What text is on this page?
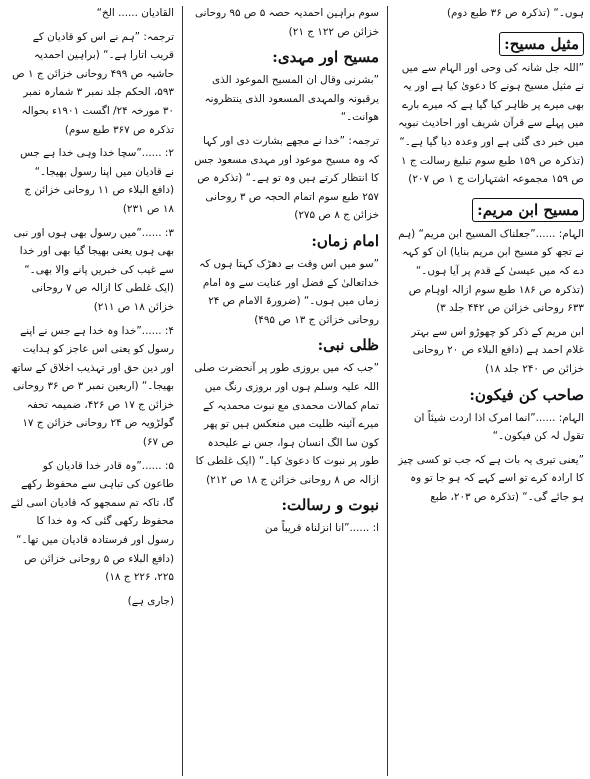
ہوں۔“ (تذکرہ ص ۳۶ طبع دوم)

مثیل مسیح:

”اللہ جل شانہ کی وحی اور الہام سے میں نے مثیل مسیح ہونے کا دعویٰ کیا ہے اور یہ بھی میرے پر ظاہر کیا گیا ہے کہ میرے بارے میں پہلے سے قرآن شریف اور احادیث نبویہ میں خبر دی گئی ہے اور وعدہ دیا گیا ہے۔“ (تذکرہ ص ۱۵۹ طبع سوم تبلیغ رسالت ج ۱ ص ۱۵۹ مجموعہ اشتہارات ج ۱ ص ۲۰۷)

مسیح ابن مریم:

الہام: ......”جعلناک المسیح ابن مریم“ (ہم نے تجھ کو مسیح ابن مریم بنایا) ان کو کہہ دے کہ میں عیسیٰ کے قدم پر آیا ہوں۔“ (تذکرہ ص ۱۸۶ طبع سوم ازالہ اوہام ص ۶۳۳ روحانی خزائن ص ۴۴۲ جلد ۳)

ابن مریم کے ذکر کو چھوڑو اس سے بہتر غلام احمد ہے (دافع البلاء ص ۲۰ روحانی خزائن ص ۲۴۰ جلد ۱۸)

صاحب کن فیکون:

الہام: ......”انما امرک اذا اردت شیئاً ان تقول لہ کن فیکون۔“

”یعنی تیری یہ بات ہے کہ جب تو کسی چیز کا ارادہ کرے تو اسے کہے کہ ہو جا تو وہ ہو جائے گی۔“ (تذکرہ ص ۲۰۳، طبع

سوم براہین احمدیہ حصہ ۵ ص ۹۵ روحانی خزائن ص ۱۲۲ ج ۲۱)

مسیح اور مہدی:

”بشرنی وقال ان المسیح الموعود الذی یرقبونہ والمہدی المسعود الذی ینتظرونہ ھوانت۔“

ترجمہ: ”خدا نے مجھے بشارت دی اور کہا کہ وہ مسیح موعود اور مہدی مسعود جس کا انتظار کرتے ہیں وہ تو ہے۔“ (تذکرہ ص ۲۵۷ طبع سوم اتمام الحجہ ص ۳ روحانی خزائن ج ۸ ص ۲۷۵)

امام زماں:

”سو میں اس وقت بے دھڑک کہتا ہوں کہ خداتعالیٰ کے فضل اور عنایت سے وہ امام زماں میں ہوں۔“ (ضرورۃ الامام ص ۲۴ روحانی خزائن ج ۱۳ ص ۴۹۵)

ظلی نبی:

”جب کہ میں بروزی طور پر آنحضرت صلی اللہ علیہ وسلم ہوں اور بروزی رنگ میں تمام کمالات محمدی مع نبوت محمدیہ کے میرے آئینہ ظلیت میں منعکس ہیں تو پھر کون سا الگ انسان ہوا، جس نے علیحدہ طور پر نبوت کا دعویٰ کیا۔“ (ایک غلطی کا ازالہ ص ۸ روحانی خزائن ج ۱۸ ص ۲۱۲)

نبوت و رسالت:

ا: ......”انا انزلناہ قریباً من

القادیان ...... الخ“

ترجمہ: ”ہم نے اس کو قادیان کے قریب اتارا ہے۔“ (براہین احمدیہ حاشیہ ص ۴۹۹ روحانی خزائن ج ۱ ص ۵۹۳، الحکم جلد نمبر ۳ شمارہ نمبر ۳۰ مورخہ ۲۴/ اگست ۱۹۰۱ء بحوالہ تذکرہ ص ۳۶۷ طبع سوم)

۲: ......”سچا خدا وہی خدا ہے جس نے قادیان میں اپنا رسول بھیجا۔“ (دافع البلاء ص ۱۱ روحانی خزائن ج ۱۸ ص ۲۳۱)

۳: ......”میں رسول بھی ہوں اور نبی بھی ہوں یعنی بھیجا گیا بھی اور خدا سے غیب کی خبریں پانے والا بھی۔“ (ایک غلطی کا ازالہ ص ۷ روحانی خزائن ۱۸ ص ۲۱۱)

۴: ......”خدا وہ خدا ہے جس نے اپنے رسول کو یعنی اس عاجز کو ہدایت اور دین حق اور تہذیب اخلاق کے ساتھ بھیجا۔“ (اربعین نمبر ۳ ص ۳۶ روحانی خزائن ج ۱۷ ص ۴۲۶، ضمیمہ تحفہ گولڑویہ ص ۲۴ روحانی خزائن ج ۱۷ ص ۶۷)

۵: ......”وہ قادر خدا قادیان کو طاعون کی تباہی سے محفوظ رکھے گا، تاکہ تم سمجھو کہ قادیان اسی لئے محفوظ رکھی گئی کہ وہ خدا کا رسول اور فرستادہ قادیان میں تھا۔“ (دافع البلاء ص ۵ روحانی خزائن ص ۲۲۵، ۲۲۶ ج ۱۸)

(جاری ہے)
